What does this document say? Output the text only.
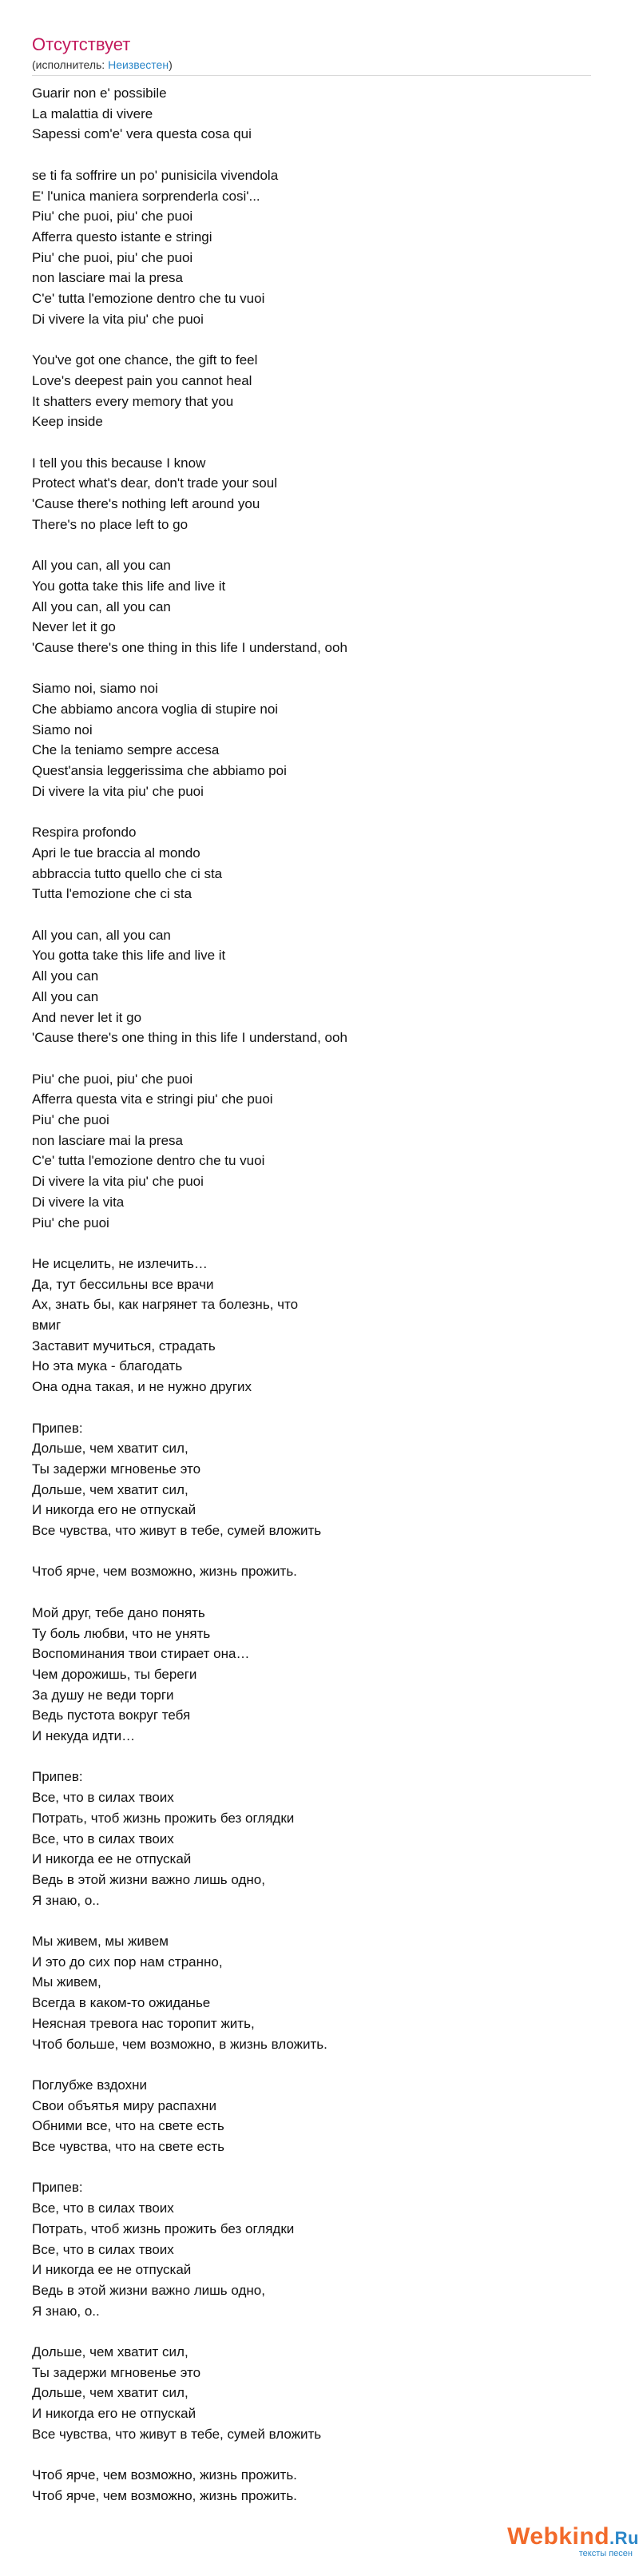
Отсутствует
(исполнитель: Неизвестен)
Guarir non e' possibile
La malattia di vivere
Sapessi com'e' vera questa cosa qui
se ti fa soffrire un po' punisicila vivendola
E' l'unica maniera sorprenderla cosi'...
Piu' che puoi, piu' che puoi
Afferra questo istante e stringi
Piu' che puoi, piu' che puoi
non lasciare mai la presa
C'e' tutta l'emozione dentro che tu vuoi
Di vivere la vita piu' che puoi
You've got one chance, the gift to feel
Love's deepest pain you cannot heal
It shatters every memory that you
Keep inside
I tell you this because I know
Protect what's dear, don't trade your soul
'Cause there's nothing left around you
There's no place left to go
All you can, all you can
You gotta take this life and live it
All you can, all you can
Never let it go
'Cause there's one thing in this life I understand, ooh
Siamo noi, siamo noi
Che abbiamo ancora voglia di stupire noi
Siamo noi
Che la teniamo sempre accesa
Quest'ansia leggerissima che abbiamo poi
Di vivere la vita piu' che puoi
Respira profondo
Apri le tue braccia al mondo
abbraccia tutto quello che ci sta
Tutta l'emozione che ci sta
All you can, all you can
You gotta take this life and live it
All you can
All you can
And never let it go
'Cause there's one thing in this life I understand, ooh
Piu' che puoi, piu' che puoi
Afferra questa vita e stringi piu' che puoi
Piu' che puoi
non lasciare mai la presa
C'e' tutta l'emozione dentro che tu vuoi
Di vivere la vita piu' che puoi
Di vivere la vita
Piu' che puoi
Не исцелить, не излечить…
Да, тут бессильны все врачи
Ах, знать бы, как нагрянет та болезнь, что
вмиг
Заставит мучиться, страдать
Но эта мука - благодать
Она одна такая, и не нужно других
Припев:
Дольше, чем хватит сил,
Ты задержи мгновенье это
Дольше, чем хватит сил,
И никогда его не отпускай
Все чувства, что живут в тебе, сумей вложить
Чтоб ярче, чем возможно, жизнь прожить.
Мой друг, тебе дано понять
Ту боль любви, что не унять
Воспоминания твои стирает она…
Чем дорожишь, ты береги
За душу не веди торги
Ведь пустота вокруг тебя
И некуда идти…
Припев:
Все, что в силах твоих
Потрать, чтоб жизнь прожить без оглядки
Все, что в силах твоих
И никогда ее не отпускай
Ведь в этой жизни важно лишь одно,
Я знаю, о..
Мы живем, мы живем
И это до сих пор нам странно,
Мы живем,
Всегда в каком-то ожиданье
Неясная тревога нас торопит жить,
Чтоб больше, чем возможно, в жизнь вложить.
Поглубже вздохни
Свои объятья миру распахни
Обними все, что на свете есть
Все чувства, что на свете есть
Припев:
Все, что в силах твоих
Потрать, чтоб жизнь прожить без оглядки
Все, что в силах твоих
И никогда ее не отпускай
Ведь в этой жизни важно лишь одно,
Я знаю, о..
Дольше, чем хватит сил,
Ты задержи мгновенье это
Дольше, чем хватит сил,
И никогда его не отпускай
Все чувства, что живут в тебе, сумей вложить
Чтоб ярче, чем возможно, жизнь прожить.
Чтоб ярче, чем возможно, жизнь прожить.
Webkind.Ru
тексты песен
